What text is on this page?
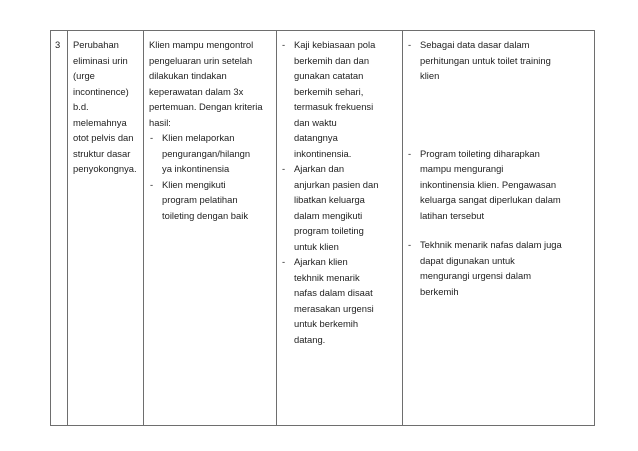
3	Perubahan
eliminasi urin
(urge
incontinence)
b.d.
melemahnya
otot pelvis dan
struktur dasar
penyokongnya.

Klien mampu mengontrol
pengeluaran urin setelah
dilakukan tindakan
keperawatan dalam 3x
pertemuan. Dengan kriteria
hasil:
- Klien melaporkan
pengurangan/hilangn
ya inkontinensia
- Klien mengikuti
program pelatihan
toileting dengan baik

- Kaji kebiasaan pola
berkemih dan dan
gunakan catatan
berkemih sehari,
termasuk frekuensi
dan waktu
datangnya
inkontinensia.
- Ajarkan dan
anjurkan pasien dan
libatkan keluarga
dalam mengikuti
program toileting
untuk klien
- Ajarkan klien
tekhnik menarik
nafas dalam disaat
merasakan urgensi
untuk berkemih
datang.

- Sebagai data dasar dalam
perhitungan untuk toilet training
klien
- Program toileting diharapkan
mampu mengurangi
inkontinensia klien. Pengawasan
keluarga sangat diperlukan dalam
latihan tersebut
- Tekhnik menarik nafas dalam juga
dapat digunakan untuk
mengurangi urgensi dalam
berkemih
